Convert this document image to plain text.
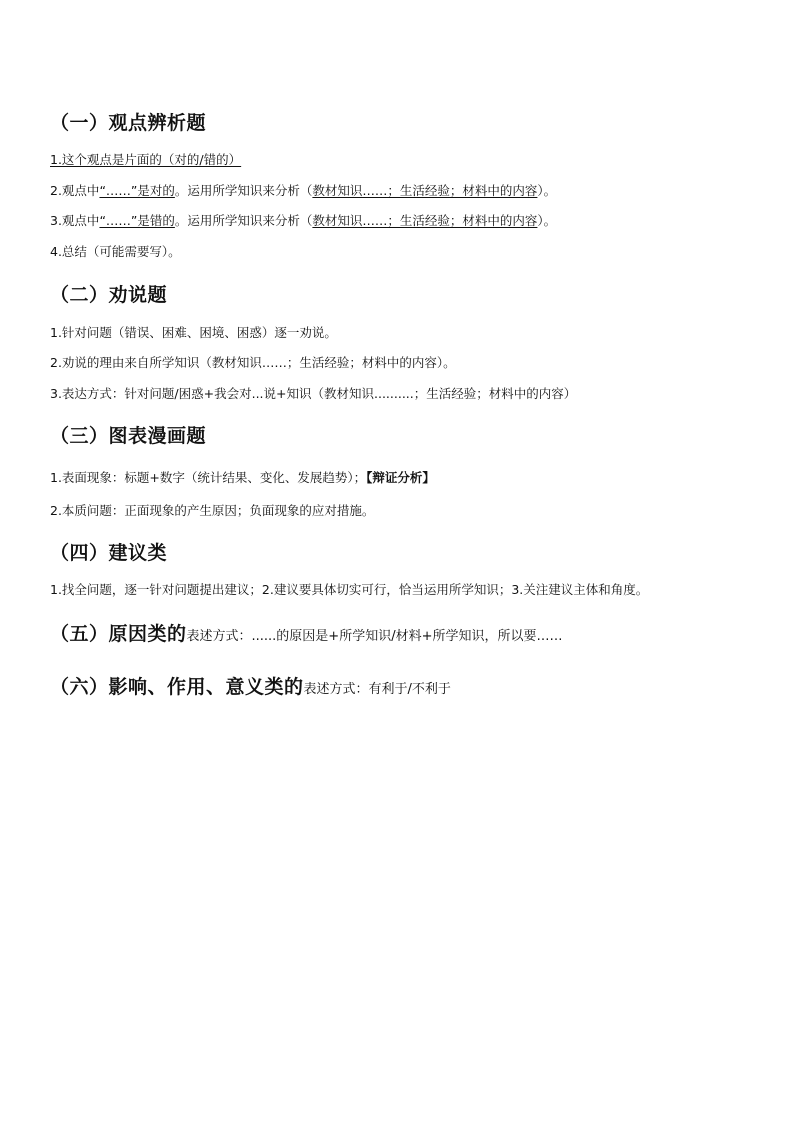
（一）观点辨析题
1.这个观点是片面的（对的/错的）
2.观点中“……”是对的。运用所学知识来分析（教材知识……；生活经验；材料中的内容）。
3.观点中“……”是错的。运用所学知识来分析（教材知识……；生活经验；材料中的内容）。
4.总结（可能需要写）。
（二）劝说题
1.针对问题（错误、困难、困境、困惑）逐一劝说。
2.劝说的理由来自所学知识（教材知识……；生活经验；材料中的内容）。
3.表达方式：针对问题/困惑+我会对...说+知识（教材知识..........；生活经验；材料中的内容）
（三）图表漫画题
1.表面现象：标题+数字（统计结果、变化、发展趋势）；【辩证分析】
2.本质问题：正面现象的产生原因；负面现象的应对措施。
（四）建议类
1.找全问题，逐一针对问题提出建议；2.建议要具体切实可行，恰当运用所学知识；3.关注建议主体和角度。
（五）原因类的表述方式：......的原因是+所学知识/材料+所学知识，所以要……
（六）影响、作用、意义类的表述方式：有利于/不利于
